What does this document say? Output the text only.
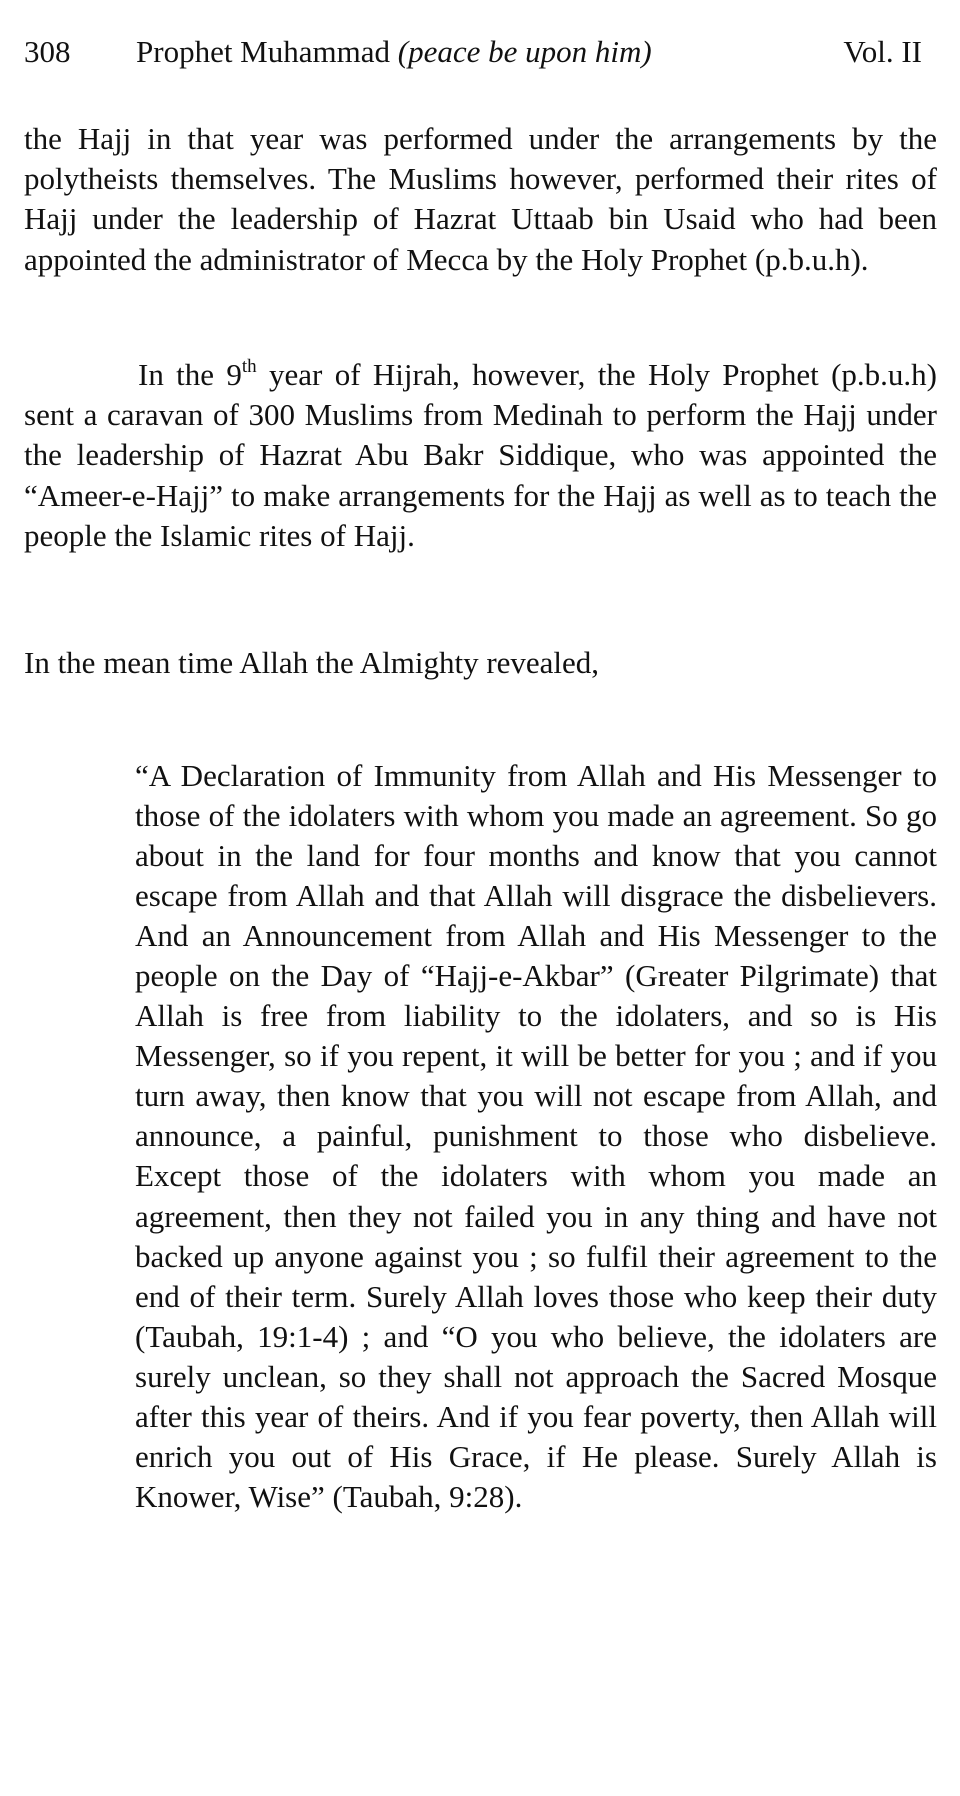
308 Prophet Muhammad (peace be upon him)	Vol. II

the Hajj in that year was performed under the arrangements by the polytheists themselves. The Muslims however, performed their rites of Hajj under the leadership of Hazrat Uttaab bin Usaid who had been appointed the administrator of Mecca by the Holy Prophet (p.b.u.h).

In the 9th year of Hijrah, however, the Holy Prophet (p.b.u.h) sent a caravan of 300 Muslims from Medinah to perform the Hajj under the leadership of Hazrat Abu Bakr Siddique, who was appointed the “Ameer-e-Hajj” to make arrangements for the Hajj as well as to teach the people the Islamic rites of Hajj.

In the mean time Allah the Almighty revealed,

“A Declaration of Immunity from Allah and His Messenger to those of the idolaters with whom you made an agreement. So go about in the land for four months and know that you cannot escape from Allah and that Allah will disgrace the disbelievers. And an Announcement from Allah and His Messenger to the people on the Day of “Hajj-e-Akbar” (Greater Pilgrimate) that Allah is free from liability to the idolaters, and so is His Messenger, so if you repent, it will be better for you ; and if you turn away, then know that you will not escape from Allah, and announce, a painful, punishment to those who disbelieve. Except those of the idolaters with whom you made an agreement, then they not failed you in any thing and have not backed up anyone against you ; so fulfil their agreement to the end of their term. Surely Allah loves those who keep their duty (Taubah, 19:1-4) ; and “O you who believe, the idolaters are surely unclean, so they shall not approach the Sacred Mosque after this year of theirs. And if you fear poverty, then Allah will enrich you out of His Grace, if He please. Surely Allah is Knower, Wise” (Taubah, 9:28).
